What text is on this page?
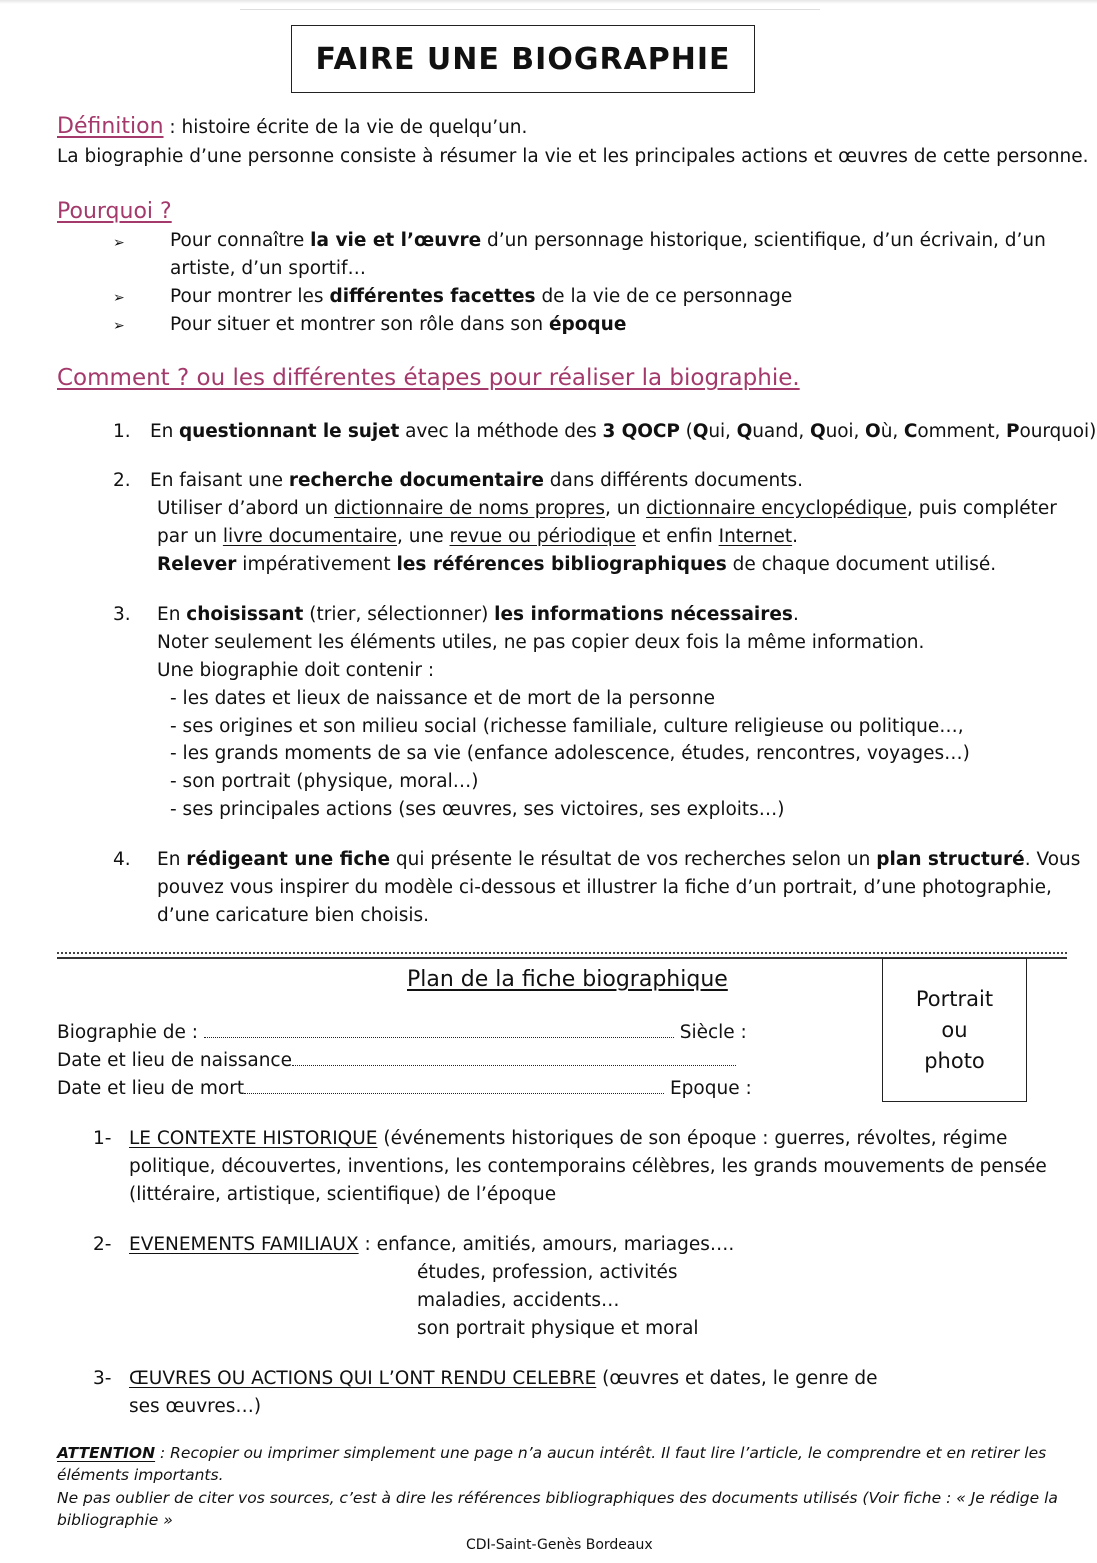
FAIRE UNE BIOGRAPHIE
Définition : histoire écrite de la vie de quelqu’un.
La biographie d’une personne consiste à résumer la vie et les principales actions et œuvres de cette personne.
Pourquoi ?
➢ Pour connaître la vie et l’œuvre d’un personnage historique, scientifique, d’un écrivain, d’un
artiste, d’un sportif…
➢ Pour montrer les différentes facettes de la vie de ce personnage
➢ Pour situer et montrer son rôle dans son époque
Comment ? ou les différentes étapes pour réaliser la biographie.
1. En questionnant le sujet avec la méthode des 3 QOCP (Qui, Quand, Quoi, Où, Comment, Pourquoi)
2. En faisant une recherche documentaire dans différents documents.
Utiliser d’abord un dictionnaire de noms propres, un dictionnaire encyclopédique, puis compléter
par un livre documentaire, une revue ou périodique et enfin Internet.
Relever impérativement les références bibliographiques de chaque document utilisé.
3. En choisissant (trier, sélectionner) les informations nécessaires.
Noter seulement les éléments utiles, ne pas copier deux fois la même information.
Une biographie doit contenir :
- les dates et lieux de naissance et de mort de la personne
- ses origines et son milieu social (richesse familiale, culture religieuse ou politique…,
- les grands moments de sa vie (enfance adolescence, études, rencontres, voyages…)
- son portrait (physique, moral…)
- ses principales actions (ses œuvres, ses victoires, ses exploits…)
4. En rédigeant une fiche qui présente le résultat de vos recherches selon un plan structuré. Vous
pouvez vous inspirer du modèle ci-dessous et illustrer la fiche d’un portrait, d’une photographie,
d’une caricature bien choisis.
Plan de la fiche biographique
Portrait
ou
photo
Biographie de :	Siècle :
Date et lieu de naissance
Date et lieu de mort	Epoque :
1- LE CONTEXTE HISTORIQUE (événements historiques de son époque : guerres, révoltes, régime
politique, découvertes, inventions, les contemporains célèbres, les grands mouvements de pensée
(littéraire, artistique, scientifique) de l’époque
2- EVENEMENTS FAMILIAUX : enfance, amitiés, amours, mariages….
études, profession, activités
maladies, accidents…
son portrait physique et moral
3- ŒUVRES OU ACTIONS QUI L’ONT RENDU CELEBRE (œuvres et dates, le genre de
ses œuvres…)
ATTENTION : Recopier ou imprimer simplement une page n’a aucun intérêt. Il faut lire l’article, le comprendre et en retirer les
éléments importants.
Ne pas oublier de citer vos sources, c’est à dire les références bibliographiques des documents utilisés (Voir fiche : « Je rédige la
bibliographie »
CDI-Saint-Genès Bordeaux
